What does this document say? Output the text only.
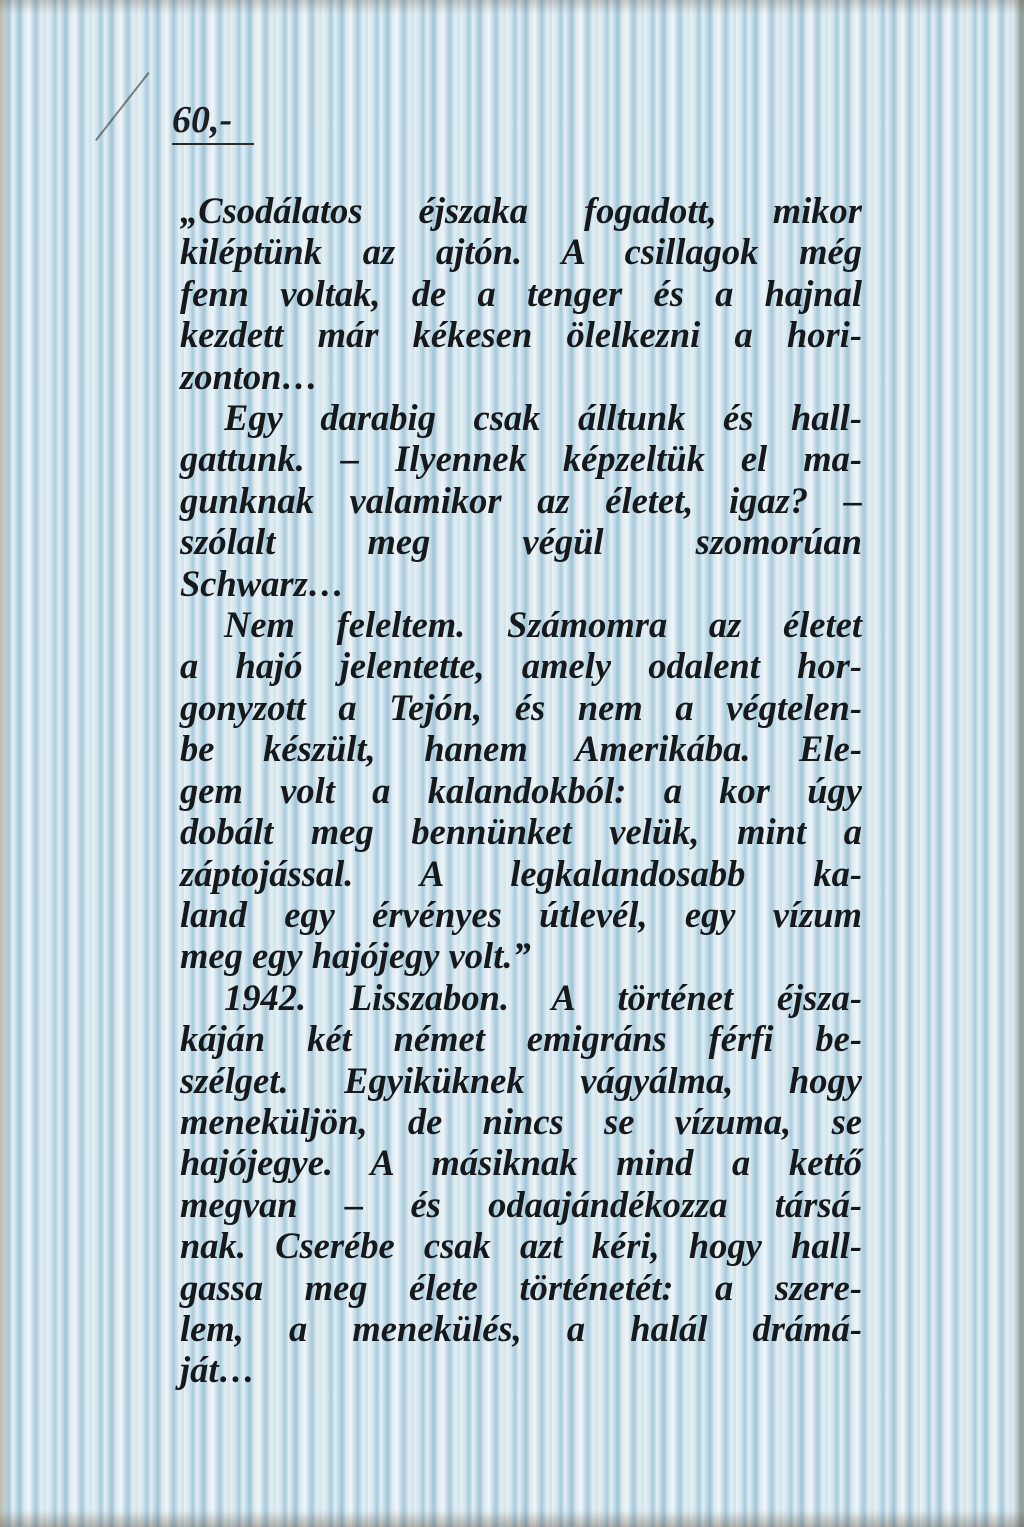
60,-
„Csodálatos éjszaka fogadott, mikor
kiléptünk az ajtón. A csillagok még
fenn voltak, de a tenger és a hajnal
kezdett már kékesen ölelkezni a hori-
zonton…
Egy darabig csak álltunk és hall-
gattunk. – Ilyennek képzeltük el ma-
gunknak valamikor az életet, igaz? –
szólalt meg végül szomorúan
Schwarz…
Nem feleltem. Számomra az életet
a hajó jelentette, amely odalent hor-
gonyzott a Tejón, és nem a végtelen-
be készült, hanem Amerikába. Ele-
gem volt a kalandokból: a kor úgy
dobált meg bennünket velük, mint a
záptojással. A legkalandosabb ka-
land egy érvényes útlevél, egy vízum
meg egy hajójegy volt.”
1942. Lisszabon. A történet éjsza-
káján két német emigráns férfi be-
szélget. Egyiküknek vágyálma, hogy
meneküljön, de nincs se vízuma, se
hajójegye. A másiknak mind a kettő
megvan – és odaajándékozza társá-
nak. Cserébe csak azt kéri, hogy hall-
gassa meg élete történetét: a szere-
lem, a menekülés, a halál drámá-
ját…
